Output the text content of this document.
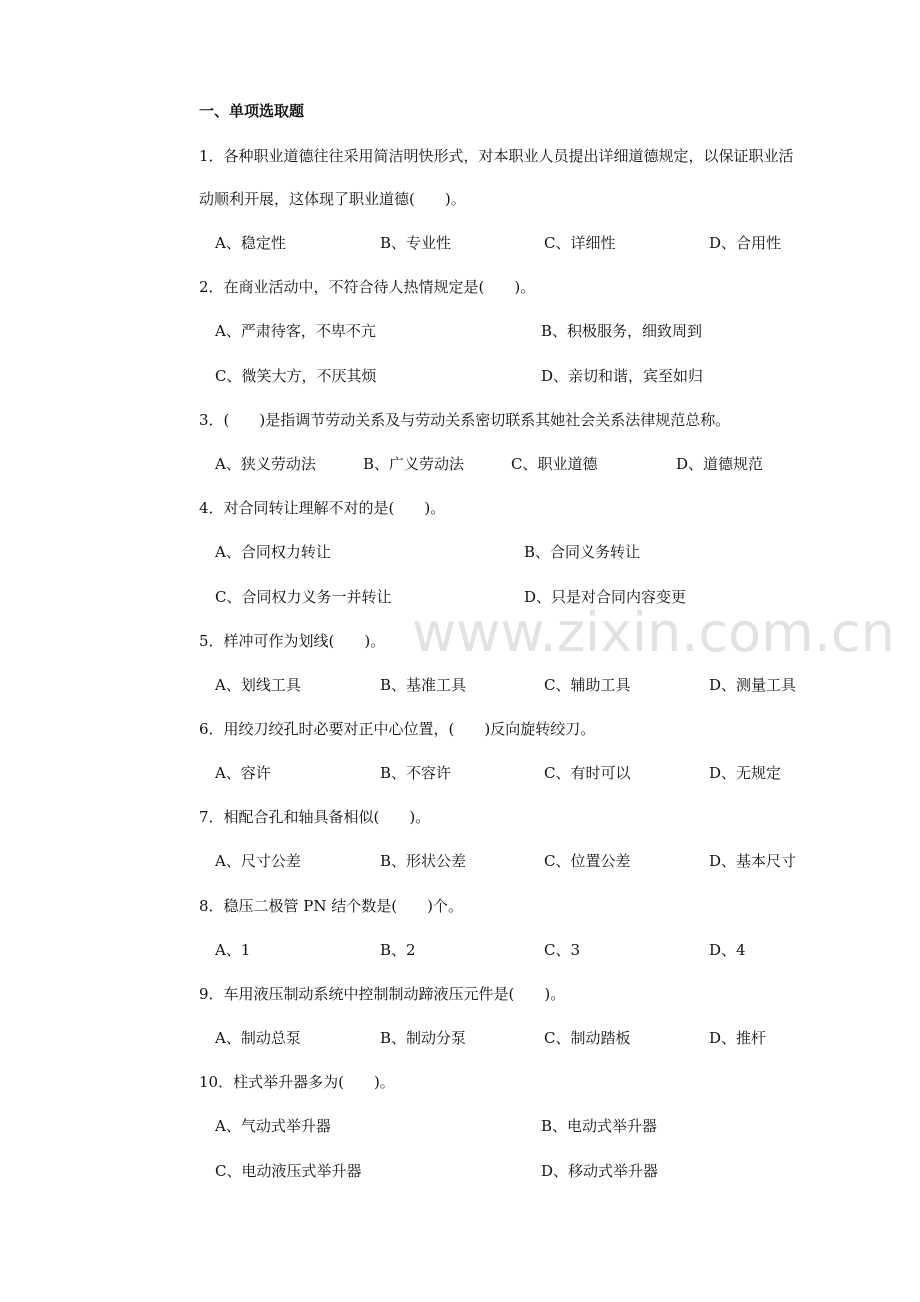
www.zixin.com.cn
一、单项选取题
1．各种职业道德往往采用简洁明快形式，对本职业人员提出详细道德规定，以保证职业活
动顺利开展，这体现了职业道德(　　)。
A、稳定性	B、专业性	C、详细性	D、合用性
2．在商业活动中，不符合待人热情规定是(　　)。
A、严肃待客，不卑不亢	B、积极服务，细致周到
C、微笑大方，不厌其烦	D、亲切和谐，宾至如归
3．(　　)是指调节劳动关系及与劳动关系密切联系其她社会关系法律规范总称。
A、狭义劳动法	B、广义劳动法	C、职业道德	D、道德规范
4．对合同转让理解不对的是(　　)。
A、合同权力转让	B、合同义务转让
C、合同权力义务一并转让	D、只是对合同内容变更
5．样冲可作为划线(　　)。
A、划线工具	B、基准工具	C、辅助工具	D、测量工具
6．用绞刀绞孔时必要对正中心位置，(　　)反向旋转绞刀。
A、容许	B、不容许	C、有时可以	D、无规定
7．相配合孔和轴具备相似(　　)。
A、尺寸公差	B、形状公差	C、位置公差	D、基本尺寸
8．稳压二极管 PN 结个数是(　　)个。
A、1	B、2	C、3	D、4
9．车用液压制动系统中控制制动蹄液压元件是(　　)。
A、制动总泵	B、制动分泵	C、制动踏板	D、推杆
10．柱式举升器多为(　　)。
A、气动式举升器	B、电动式举升器
C、电动液压式举升器	D、移动式举升器
